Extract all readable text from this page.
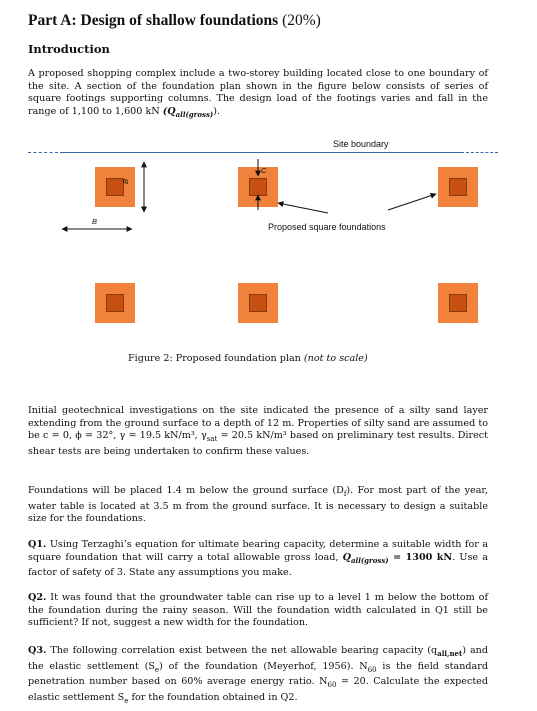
Part A: Design of shallow foundations (20%)
Introduction

A proposed shopping complex include a two-storey building located close to one boundary of the site. A section of the foundation plan shown in the figure below consists of series of square footings supporting columns. The design load of the footings varies and fall in the range of 1,100 to 1,600 kN $(Q_{all(gross)})$.

Site boundary
B
B
C
Proposed square foundations
Figure 2: Proposed foundation plan (not to scale)

Initial geotechnical investigations on the site indicated the presence of a silty sand layer extending from the ground surface to a depth of 12 m. Properties of silty sand are assumed to be c = 0, ϕ = 32°, γ = 19.5 kN/m³, $\gamma_{sat} = 20.5$ kN/m³ based on preliminary test results. Direct shear tests are being undertaken to confirm these values.

Foundations will be placed 1.4 m below the ground surface $(D_f)$. For most part of the year, water table is located at 3.5 m from the ground surface. It is necessary to design a suitable size for the foundations.

Q1. Using Terzaghi’s equation for ultimate bearing capacity, determine a suitable width for a square foundation that will carry a total allowable gross load, $Q_{all(gross)} = 1300$ kN. Use a factor of safety of 3. State any assumptions you make.

Q2. It was found that the groundwater table can rise up to a level 1 m below the bottom of the foundation during the rainy season. Will the foundation width calculated in Q1 still be sufficient? If not, suggest a new width for the foundation.

Q3. The following correlation exist between the net allowable bearing capacity $(q_{all,net})$ and the elastic settlement $(S_e)$ of the foundation (Meyerhof, 1956). $N_{60}$ is the field standard penetration number based on 60% average energy ratio. $N_{60} = 20$. Calculate the expected elastic settlement $S_e$ for the foundation obtained in Q2.
